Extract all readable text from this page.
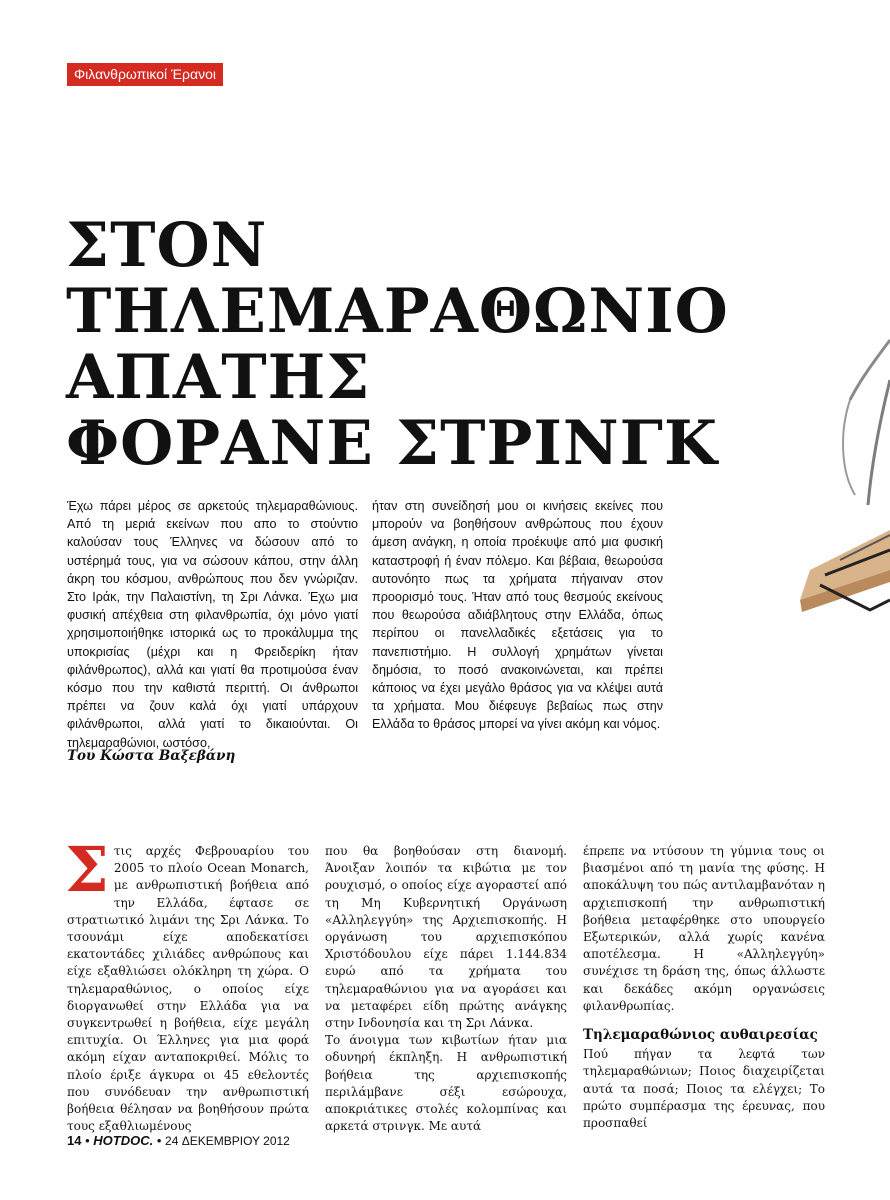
Φιλανθρωπικοί Έρανοι
ΣΤΟΝ
ΤΗΛΕΜΑΡΑΘΩΝΙΟ
ΑΠΑΤΗΣ
ΦΟΡΑΝΕ ΣΤΡΙΝΓΚ

Έχω πάρει μέρος σε αρκετούς τηλεμαραθώνιους. Από τη μεριά εκείνων που απο το στούντιο καλούσαν τους Έλληνες να δώσουν από το υστέρημά τους, για να σώσουν κάπου, στην άλλη άκρη του κόσμου, ανθρώπους που δεν γνώριζαν. Στο Ιράκ, την Παλαιστίνη, τη Σρι Λάνκα. Έχω μια φυσική απέχθεια στη φιλανθρωπία, όχι μόνο γιατί χρησιμοποιήθηκε ιστορικά ως το προκάλυμμα της υποκρισίας (μέχρι και η Φρειδερίκη ήταν φιλάνθρωπος), αλλά και γιατί θα προτιμούσα έναν κόσμο που την καθιστά περιττή. Οι άνθρωποι πρέπει να ζουν καλά όχι γιατί υπάρχουν φιλάνθρωποι, αλλά γιατί το δικαιούνται. Οι τηλεμαραθώνιοι, ωστόσο,

ήταν στη συνείδησή μου οι κινήσεις εκείνες που μπορούν να βοηθήσουν ανθρώπους που έχουν άμεση ανάγκη, η οποία προέκυψε από μια φυσική καταστροφή ή έναν πόλεμο. Και βέβαια, θεωρούσα αυτονόητο πως τα χρήματα πήγαιναν στον προορισμό τους. Ήταν από τους θεσμούς εκείνους που θεωρούσα αδιάβλητους στην Ελλάδα, όπως περίπου οι πανελλαδικές εξετάσεις για το πανεπιστήμιο. Η συλλογή χρημάτων γίνεται δημόσια, το ποσό ανακοινώνεται, και πρέπει κάποιος να έχει μεγάλο θράσος για να κλέψει αυτά τα χρήματα. Μου διέφευγε βεβαίως πως στην Ελλάδα το θράσος μπορεί να γίνει ακόμη και νόμος.

Του Κώστα Βαξεβάνη
Σ τις αρχές Φεβρουαρίου του 2005 το πλοίο Ocean Monarch, με ανθρωπιστική βοήθεια από την Ελλάδα, έφτασε σε στρατιωτικό λιμάνι της Σρι Λάνκα. Το τσουνάμι είχε αποδεκατίσει εκατοντάδες χιλιάδες ανθρώπους και είχε εξαθλιώσει ολόκληρη τη χώρα. Ο τηλεμαραθώνιος, ο οποίος είχε διοργανωθεί στην Ελλάδα για να συγκεντρωθεί η βοήθεια, είχε μεγάλη επιτυχία. Οι Έλληνες για μια φορά ακόμη είχαν ανταποκριθεί. Μόλις το πλοίο έριξε άγκυρα οι 45 εθελοντές που συνόδευαν την ανθρωπιστική βοήθεια θέλησαν να βοηθήσουν πρώτα τους εξαθλιωμένους

που θα βοηθούσαν στη διανομή. Άνοιξαν λοιπόν τα κιβώτια με τον ρουχισμό, ο οποίος είχε αγοραστεί από τη Μη Κυβερνητική Οργάνωση «Αλληλεγγύη» της Αρχιεπισκοπής. Η οργάνωση του αρχιεπισκόπου Χριστόδουλου είχε πάρει 1.144.834 ευρώ από τα χρήματα του τηλεμαραθώνιου για να αγοράσει και να μεταφέρει είδη πρώτης ανάγκης στην Ινδονησία και τη Σρι Λάνκα.

Το άνοιγμα των κιβωτίων ήταν μια οδυνηρή έκπληξη. Η ανθρωπιστική βοήθεια της αρχιεπισκοπής περιλάμβανε σέξι εσώρουχα, αποκριάτικες στολές κολομπίνας και αρκετά στρινγκ. Με αυτά

έπρεπε να ντύσουν τη γύμνια τους οι βιασμένοι από τη μανία της φύσης. Η αποκάλυψη του πώς αντιλαμβανόταν η αρχιεπισκοπή την ανθρωπιστική βοήθεια μεταφέρθηκε στο υπουργείο Εξωτερικών, αλλά χωρίς κανένα αποτέλεσμα. Η «Αλληλεγγύη» συνέχισε τη δράση της, όπως άλλωστε και δεκάδες ακόμη οργανώσεις φιλανθρωπίας.

Τηλεμαραθώνιος αυθαιρεσίας

Πού πήγαν τα λεφτά των τηλεμαραθώνιων; Ποιος διαχειρίζεται αυτά τα ποσά; Ποιος τα ελέγχει; Το πρώτο συμπέρασμα της έρευνας, που προσπαθεί

14 • HOTDOC. • 24 ΔΕΚΕΜΒΡΙΟΥ 2012
